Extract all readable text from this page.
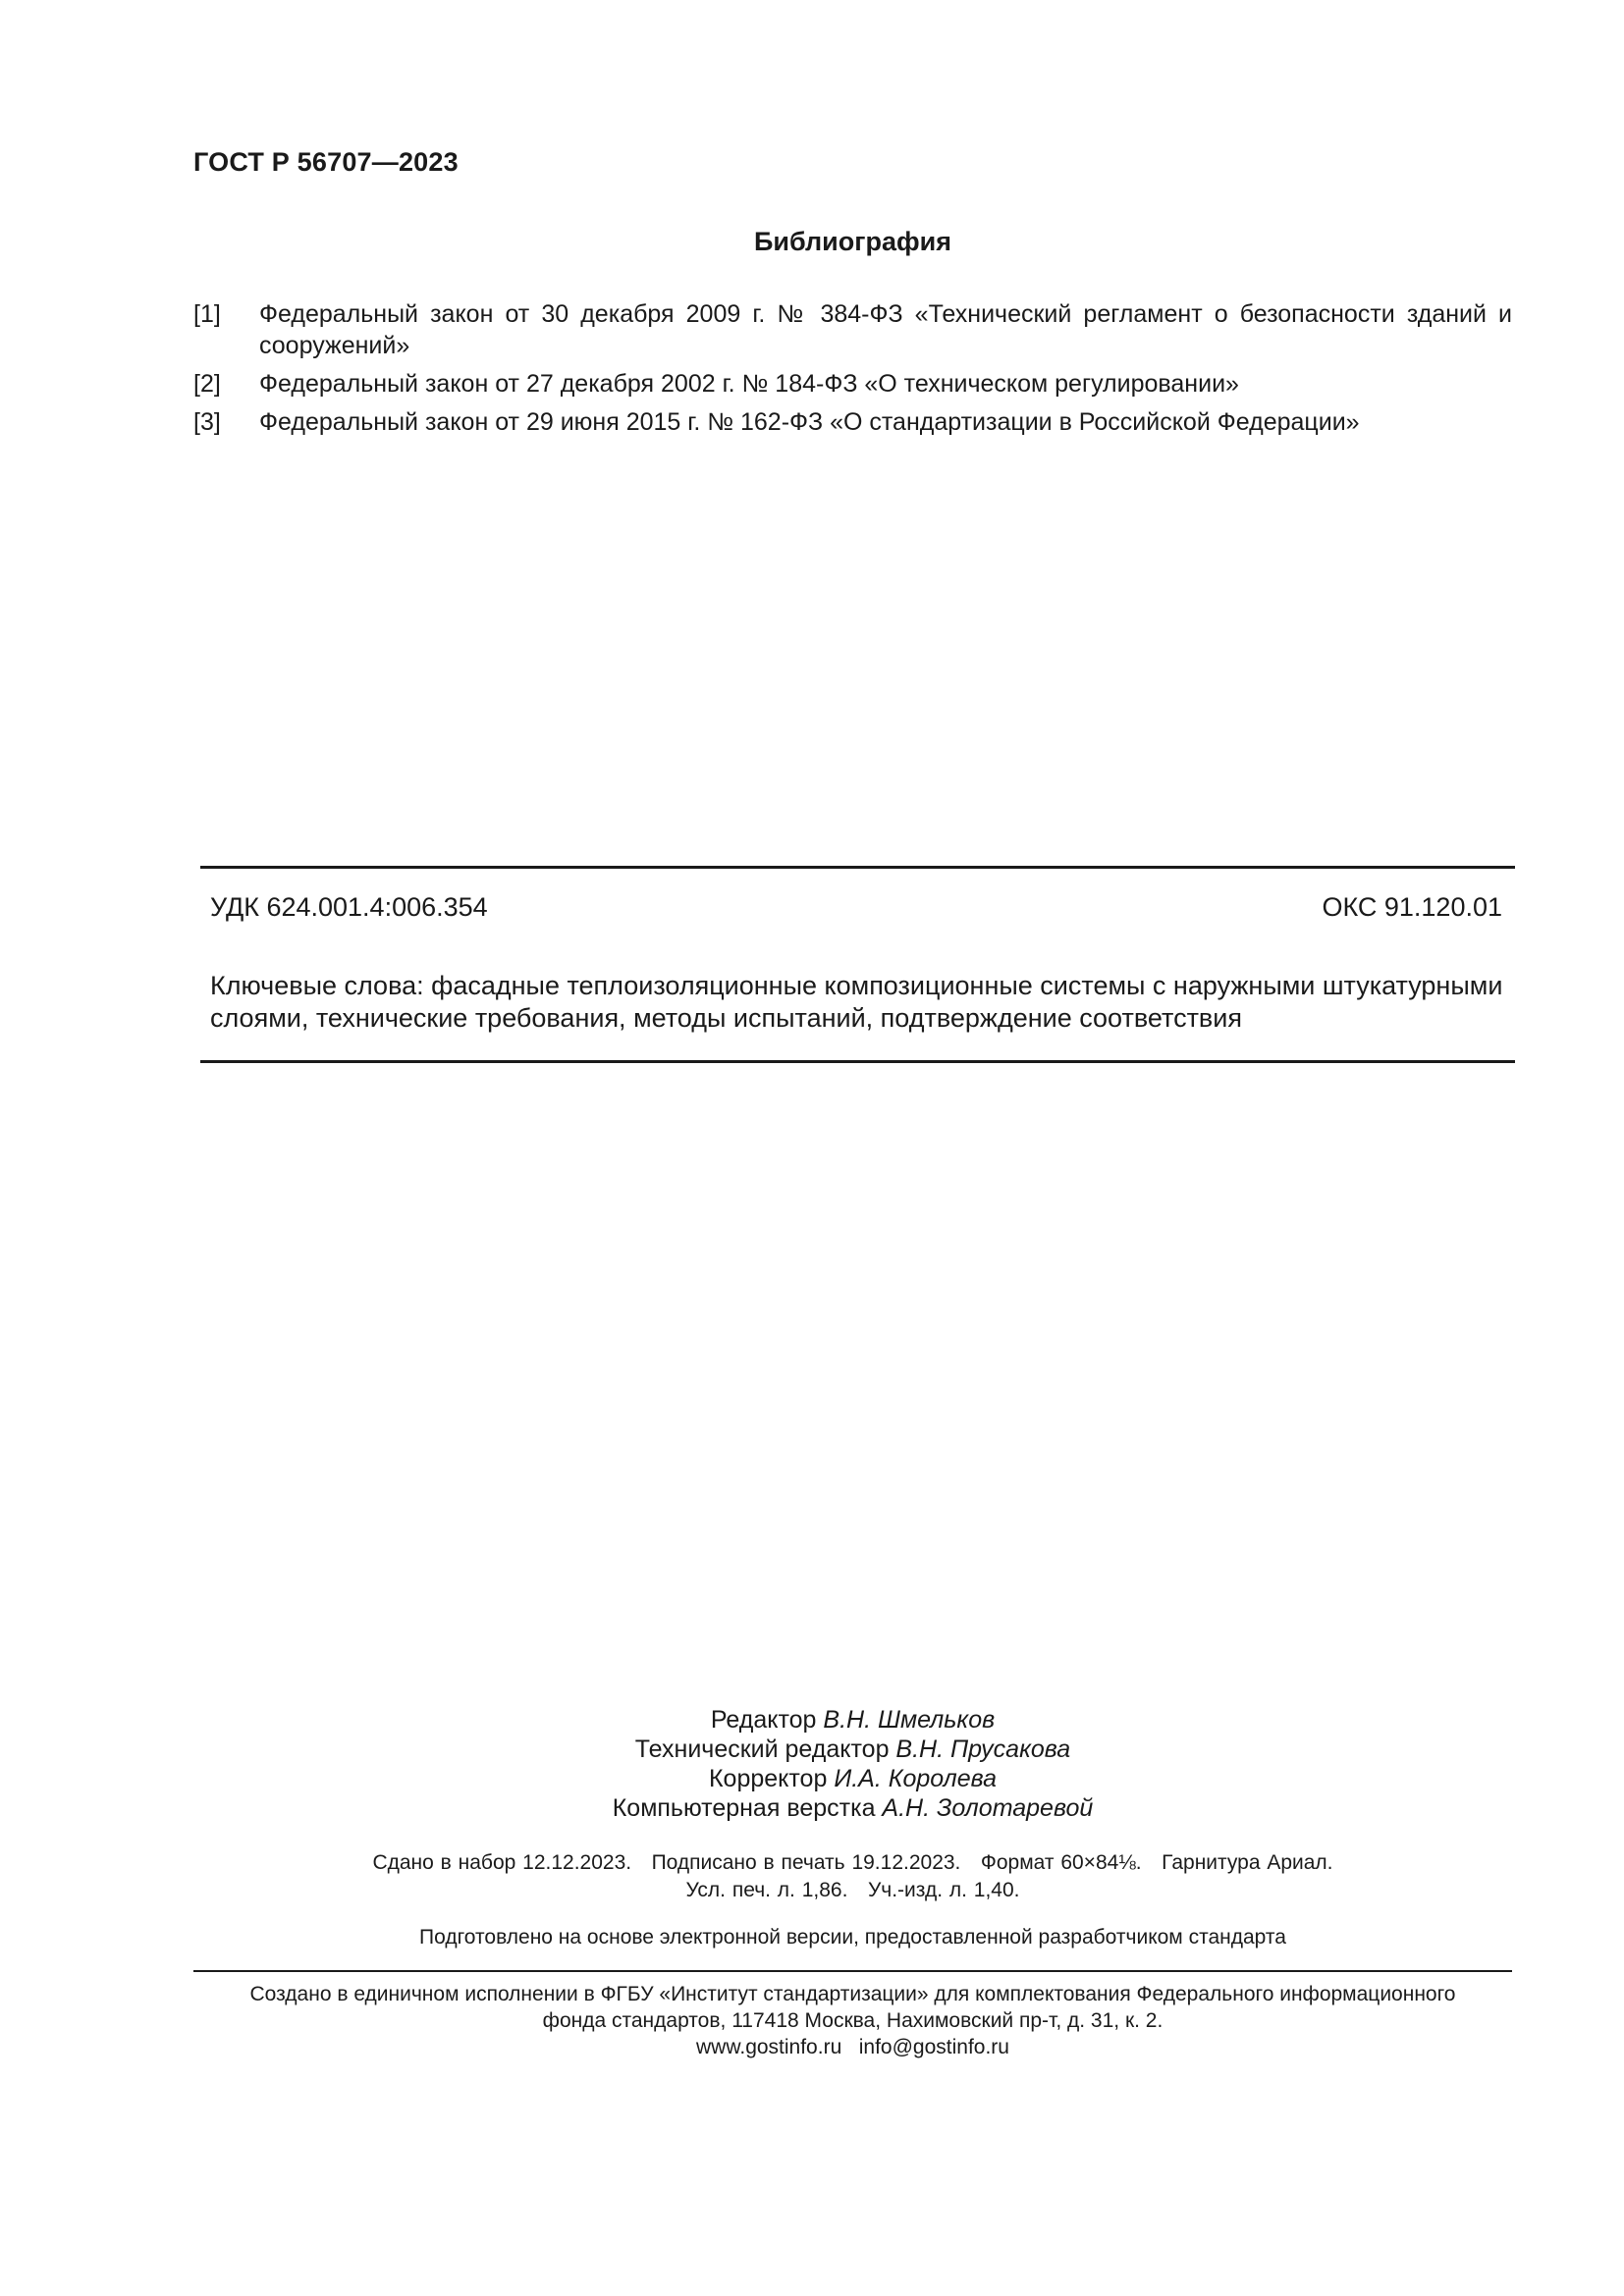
ГОСТ Р 56707—2023
Библиография
[1]	Федеральный закон от 30 декабря 2009 г. № 384-ФЗ «Технический регламент о безопасности зданий и сооружений»
[2]	Федеральный закон от 27 декабря 2002 г. № 184-ФЗ «О техническом регулировании»
[3]	Федеральный закон от 29 июня 2015 г. № 162-ФЗ «О стандартизации в Российской Федерации»
УДК 624.001.4:006.354	ОКС 91.120.01
Ключевые слова: фасадные теплоизоляционные композиционные системы с наружными штукатурными слоями, технические требования, методы испытаний, подтверждение соответствия
Редактор В.Н. Шмельков
Технический редактор В.Н. Прусакова
Корректор И.А. Королева
Компьютерная верстка А.Н. Золотаревой
Сдано в набор 12.12.2023.   Подписано в печать 19.12.2023.   Формат 60×84⅛.   Гарнитура Ариал.
Усл. печ. л. 1,86.   Уч.-изд. л. 1,40.
Подготовлено на основе электронной версии, предоставленной разработчиком стандарта
Создано в единичном исполнении в ФГБУ «Институт стандартизации» для комплектования Федерального информационного
фонда стандартов, 117418 Москва, Нахимовский пр-т, д. 31, к. 2.
www.gostinfo.ru   info@gostinfo.ru
